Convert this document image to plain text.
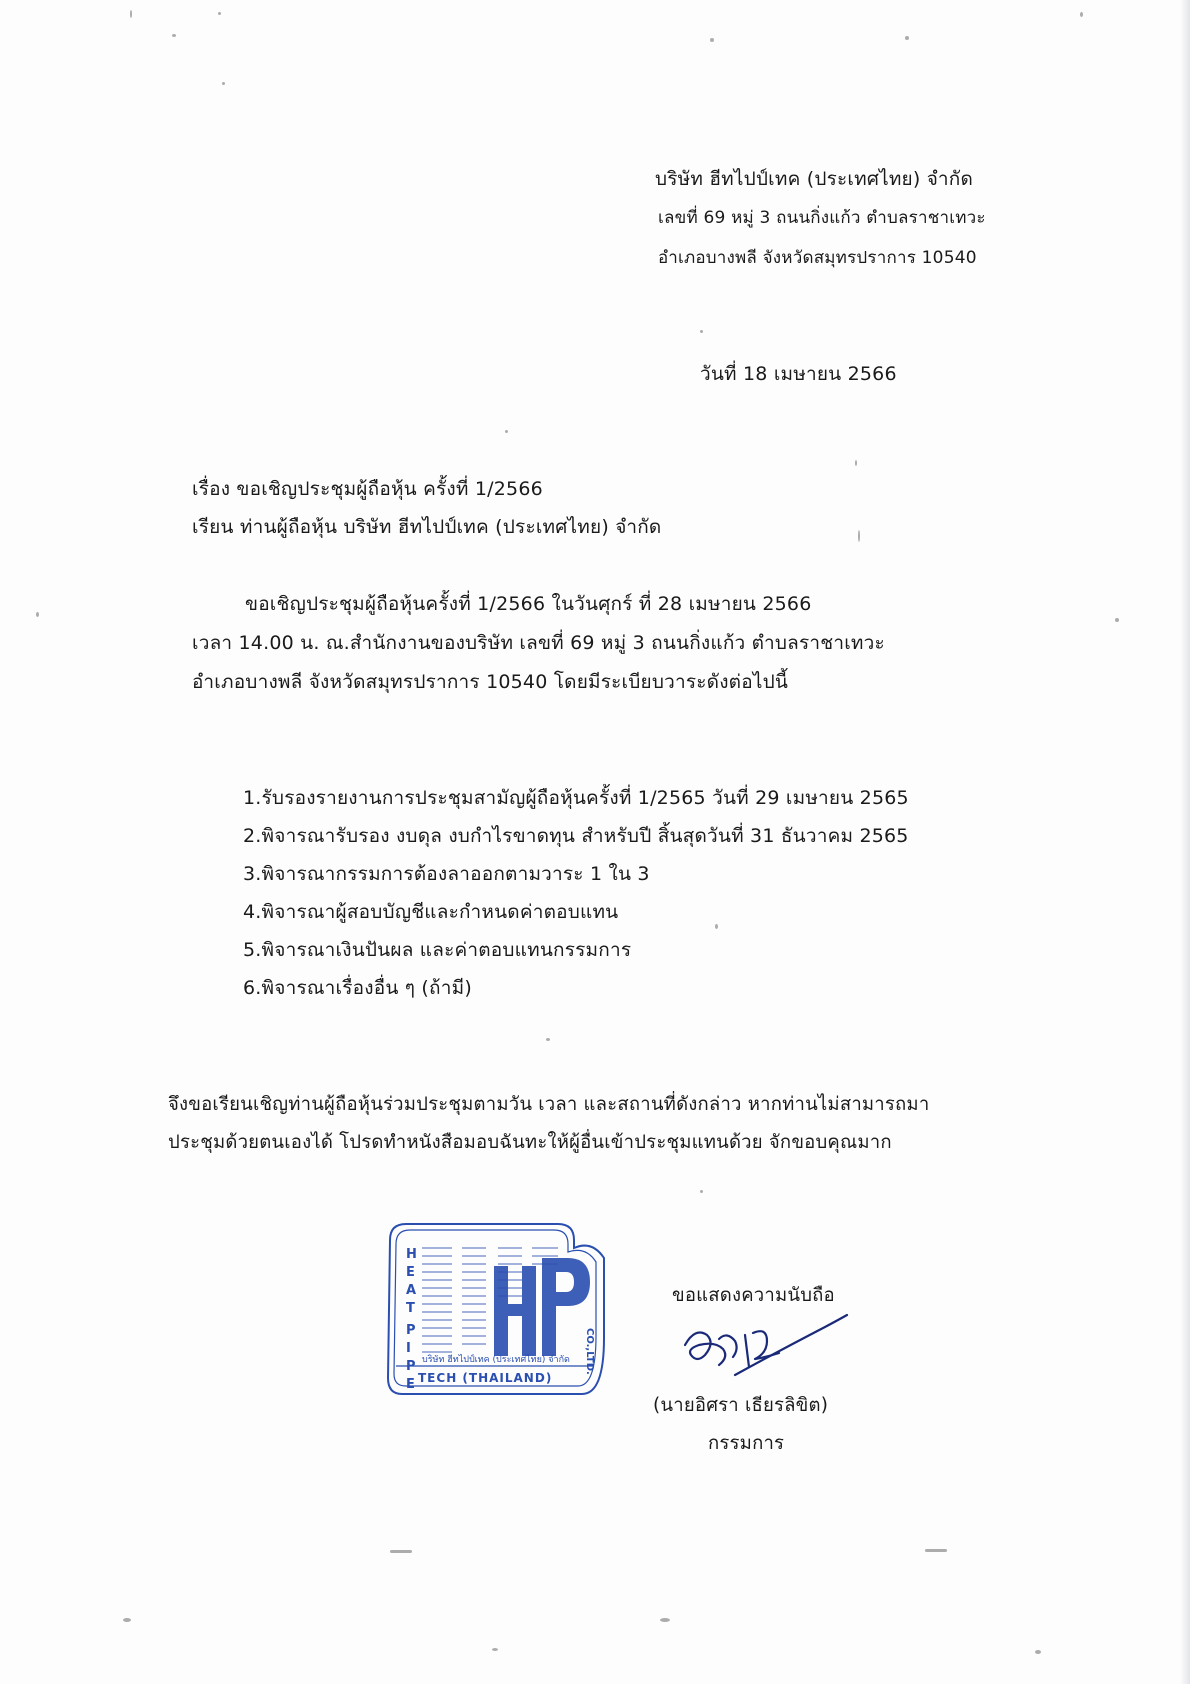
บริษัท ฮีทไปป์เทค (ประเทศไทย) จำกัด
เลขที่ 69 หมู่ 3 ถนนกิ่งแก้ว ตำบลราชาเทวะ
อำเภอบางพลี จังหวัดสมุทรปราการ 10540
วันที่ 18 เมษายน 2566
เรื่อง ขอเชิญประชุมผู้ถือหุ้น ครั้งที่ 1/2566
เรียน ท่านผู้ถือหุ้น บริษัท ฮีทไปป์เทค (ประเทศไทย) จำกัด
ขอเชิญประชุมผู้ถือหุ้นครั้งที่ 1/2566 ในวันศุกร์ ที่ 28 เมษายน 2566
เวลา 14.00 น. ณ.สำนักงานของบริษัท เลขที่ 69 หมู่ 3 ถนนกิ่งแก้ว ตำบลราชาเทวะ
อำเภอบางพลี จังหวัดสมุทรปราการ 10540 โดยมีระเบียบวาระดังต่อไปนี้
1.รับรองรายงานการประชุมสามัญผู้ถือหุ้นครั้งที่ 1/2565 วันที่ 29 เมษายน 2565
2.พิจารณารับรอง งบดุล งบกำไรขาดทุน สำหรับปี สิ้นสุดวันที่ 31 ธันวาคม 2565
3.พิจารณากรรมการต้องลาออกตามวาระ 1 ใน 3
4.พิจารณาผู้สอบบัญชีและกำหนดค่าตอบแทน
5.พิจารณาเงินปันผล และค่าตอบแทนกรรมการ
6.พิจารณาเรื่องอื่น ๆ (ถ้ามี)
จึงขอเรียนเชิญท่านผู้ถือหุ้นร่วมประชุมตามวัน เวลา และสถานที่ดังกล่าว หากท่านไม่สามารถมา
ประชุมด้วยตนเองได้ โปรดทำหนังสือมอบฉันทะให้ผู้อื่นเข้าประชุมแทนด้วย จักขอบคุณมาก
H E A T P I P E
CO.,LTD.
บริษัท ฮีทไปป์เทค (ประเทศไทย) จำกัด
TECH (THAILAND)
ขอแสดงความนับถือ
(นายอิศรา เธียรลิขิต)
กรรมการ
